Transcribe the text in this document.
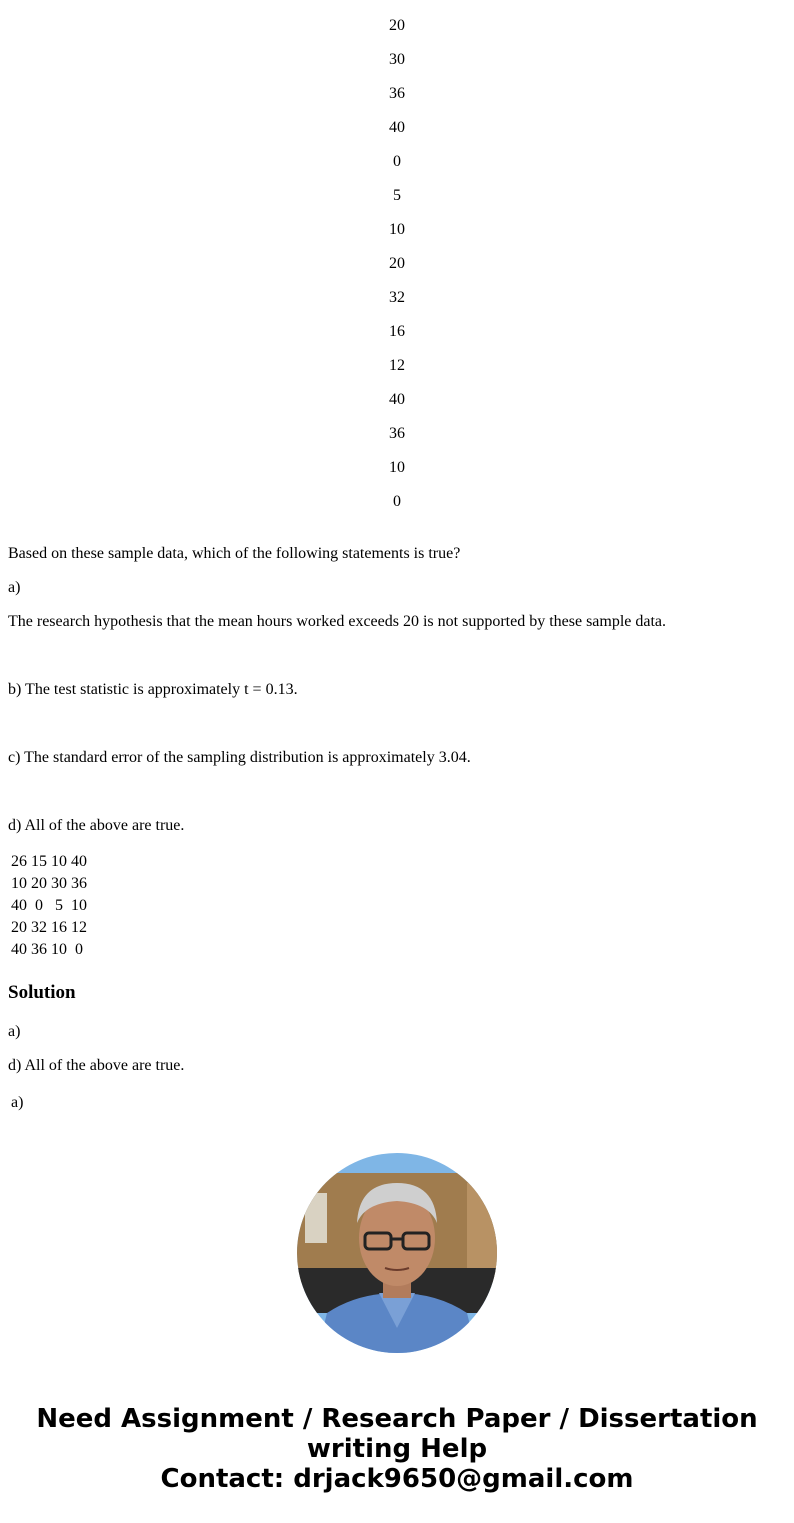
20
30
36
40
0
5
10
20
32
16
12
40
36
10
0

Based on these sample data, which of the following statements is true?

a)

The research hypothesis that the mean hours worked exceeds 20 is not supported by these sample data.

b) The test statistic is approximately t = 0.13.

c) The standard error of the sampling distribution is approximately 3.04.

d) All of the above are true.

26	15	10	40
10	20	30	36
40	0	5	10
20	32	16	12
40	36	10	0
Solution

a)

d) All of the above are true.

a)

Need Assignment / Research Paper / Dissertation
writing Help
Contact: drjack9650@gmail.com
